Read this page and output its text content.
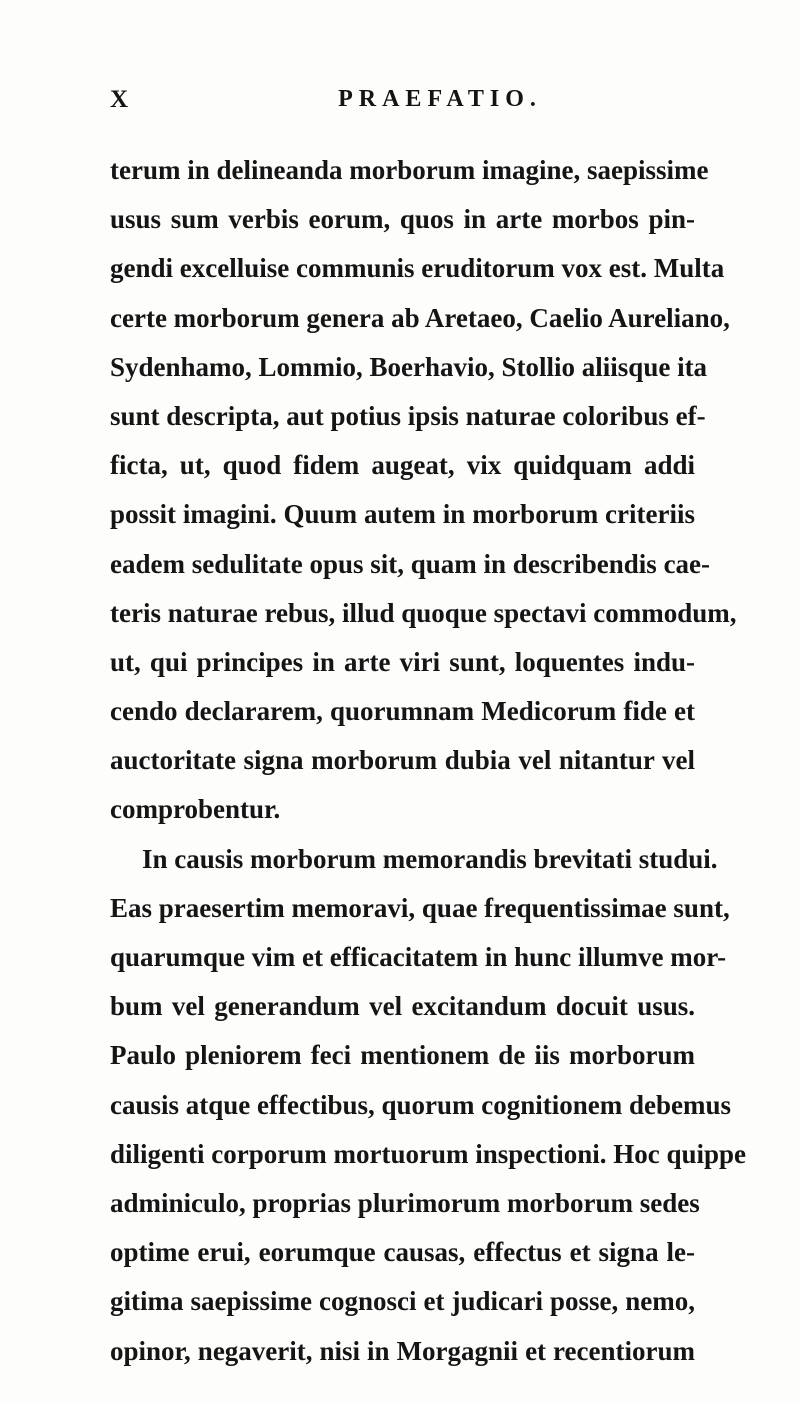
X	PRAEFATIO.
terum in delineanda morborum imagine, saepissime
usus sum verbis eorum, quos in arte morbos pin-
gendi excelluise communis eruditorum vox est. Multa
certe morborum genera ab Aretaeo, Caelio Aureliano,
Sydenhamo, Lommio, Boerhavio, Stollio aliisque ita
sunt descripta, aut potius ipsis naturae coloribus ef-
ficta, ut, quod fidem augeat, vix quidquam addi
possit imagini. Quum autem in morborum criteriis
eadem sedulitate opus sit, quam in describendis cae-
teris naturae rebus, illud quoque spectavi commodum,
ut, qui principes in arte viri sunt, loquentes indu-
cendo declararem, quorumnam Medicorum fide et
auctoritate signa morborum dubia vel nitantur vel
comprobentur.
In causis morborum memorandis brevitati studui.
Eas praesertim memoravi, quae frequentissimae sunt,
quarumque vim et efficacitatem in hunc illumve mor-
bum vel generandum vel excitandum docuit usus.
Paulo pleniorem feci mentionem de iis morborum
causis atque effectibus, quorum cognitionem debemus
diligenti corporum mortuorum inspectioni. Hoc quippe
adminiculo, proprias plurimorum morborum sedes
optime erui, eorumque causas, effectus et signa le-
gitima saepissime cognosci et judicari posse, nemo,
opinor, negaverit, nisi in Morgagnii et recentiorum
